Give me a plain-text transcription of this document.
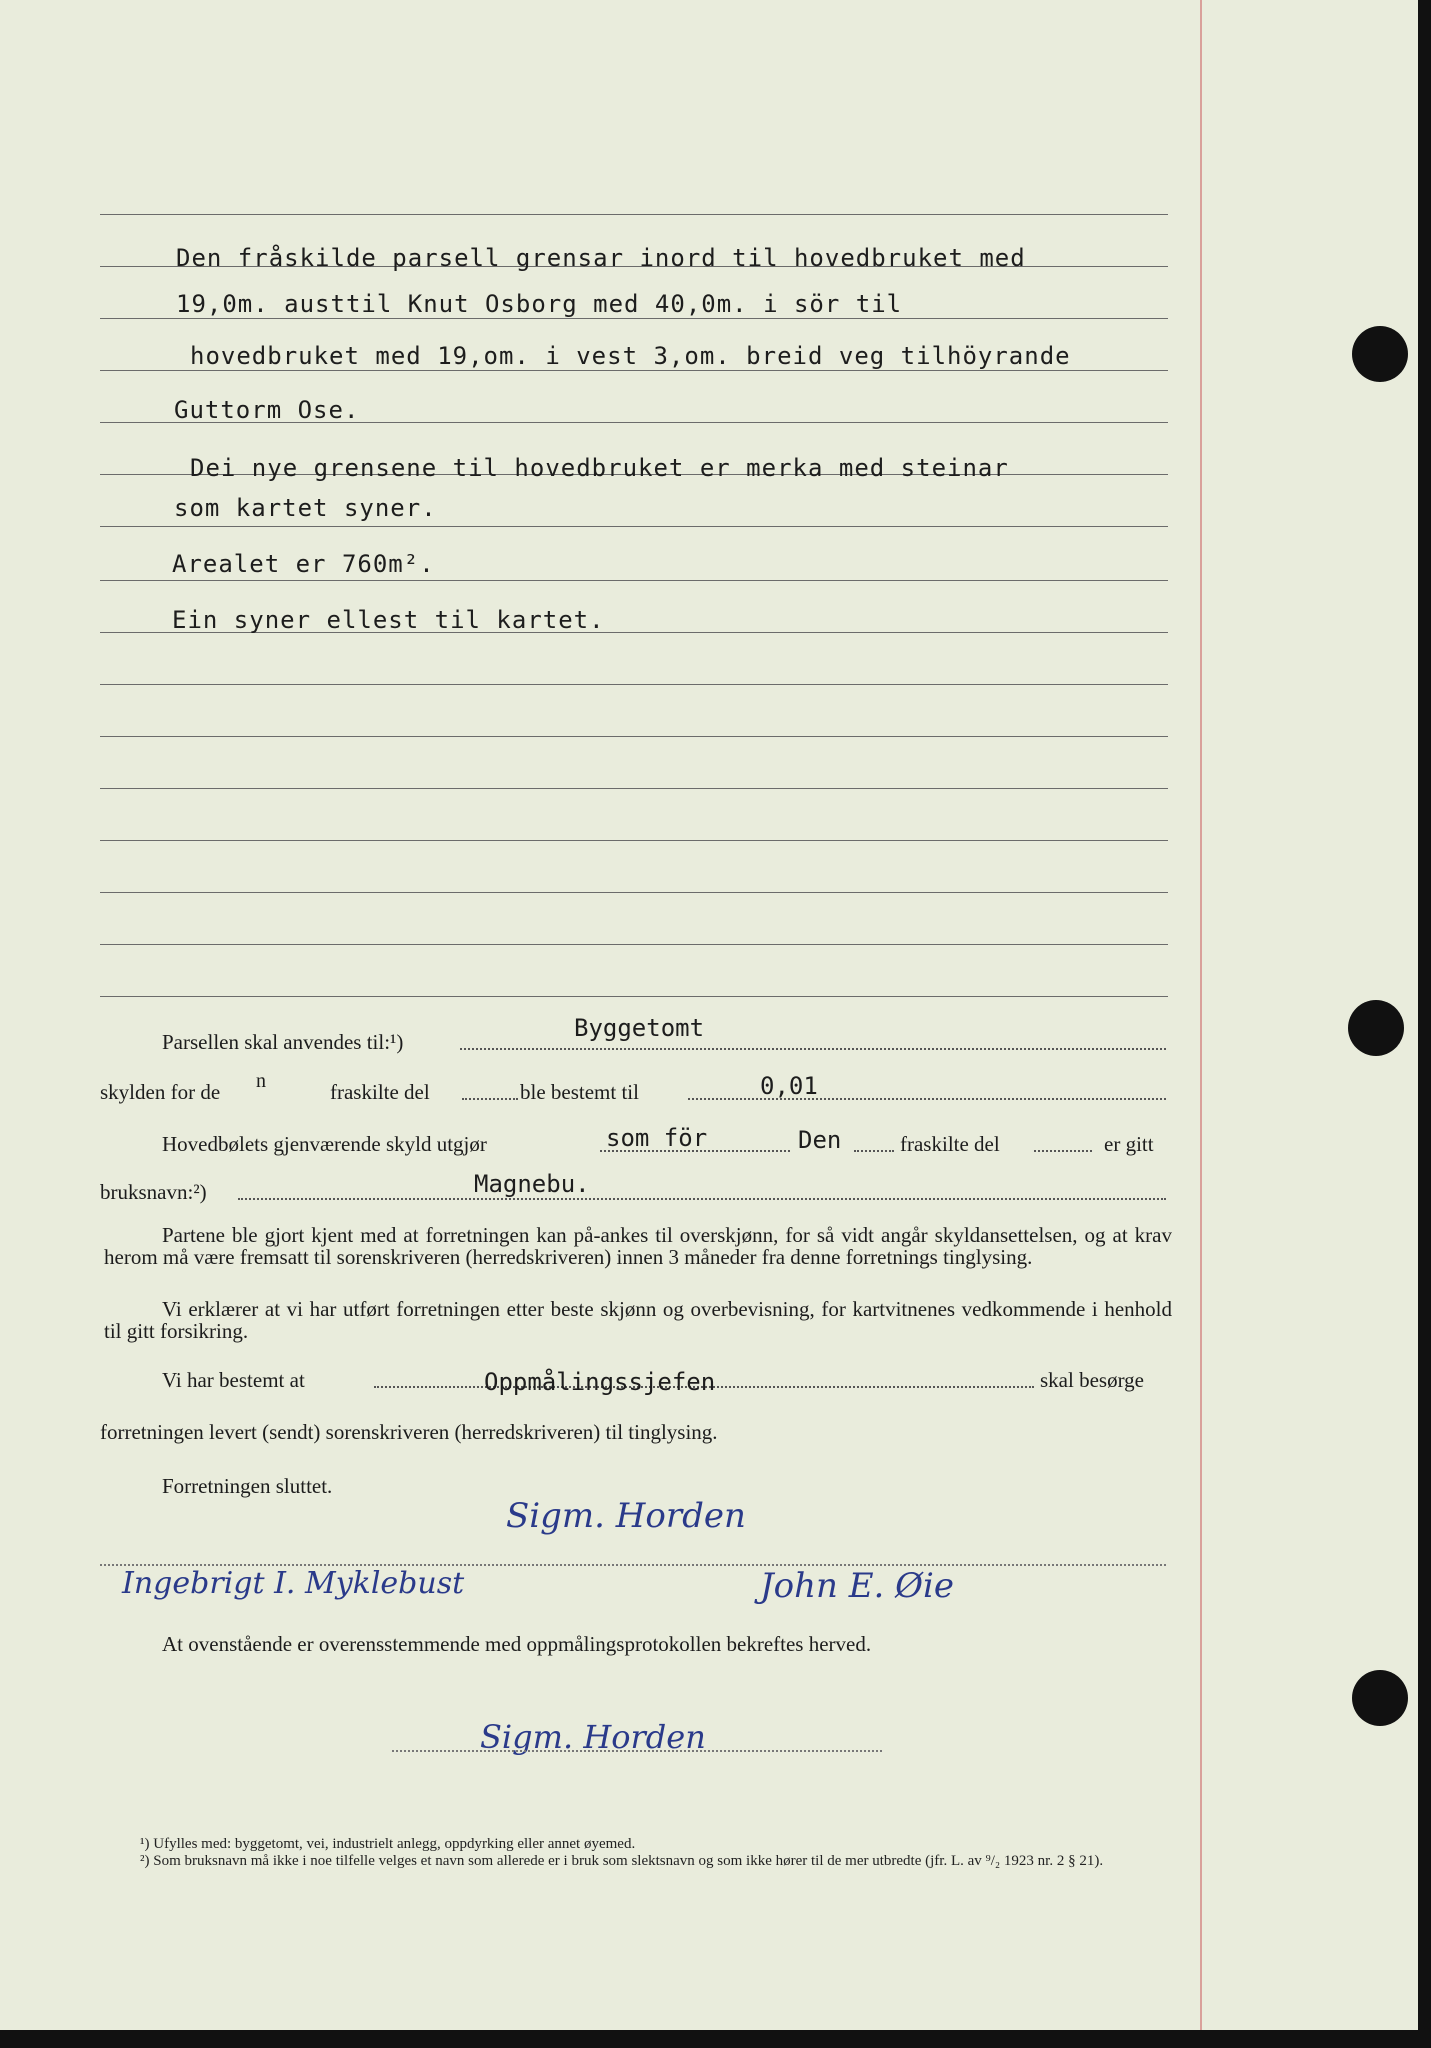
Den fråskilde parsell grensar inord til hovedbruket med
19,0m. austtil Knut Osborg med 40,0m. i sör til
hovedbruket med 19,om. i vest 3,om. breid veg tilhöyrande
Guttorm Ose.
Dei nye grensene til hovedbruket er merka med steinar
som kartet syner.
Arealet er 760m².
Ein syner ellest til kartet.
Parsellen skal anvendes til:¹)	Byggetomt
skylden for de n	fraskilte del	ble bestemt til	0,01
Hovedbølets gjenværende skyld utgjør	som för	Den	fraskilte del	er gitt
bruksnavn:²)	Magnebu.
Partene ble gjort kjent med at forretningen kan på-ankes til overskjønn, for så vidt angår skyldansettelsen, og at krav herom må være fremsatt til sorenskriveren (herredskriveren) innen 3 måneder fra denne forretnings tinglysing.
Vi erklærer at vi har utført forretningen etter beste skjønn og overbevisning, for kartvitnenes vedkommende i henhold til gitt forsikring.
Vi har bestemt at	Oppmålingssjefen	skal besørge
forretningen levert (sendt) sorenskriveren (herredskriveren) til tinglysing.
Forretningen sluttet.
Sigm. Horden
Ingebrigt I. Myklebust	John E. Øie
At ovenstående er overensstemmende med oppmålingsprotokollen bekreftes herved.
Sigm. Horden

¹) Ufylles med: byggetomt, vei, industrielt anlegg, oppdyrking eller annet øyemed.

²) Som bruksnavn må ikke i noe tilfelle velges et navn som allerede er i bruk som slektsnavn og som ikke hører til de mer utbredte (jfr. L. av ⁹/₂ 1923 nr. 2 § 21).
